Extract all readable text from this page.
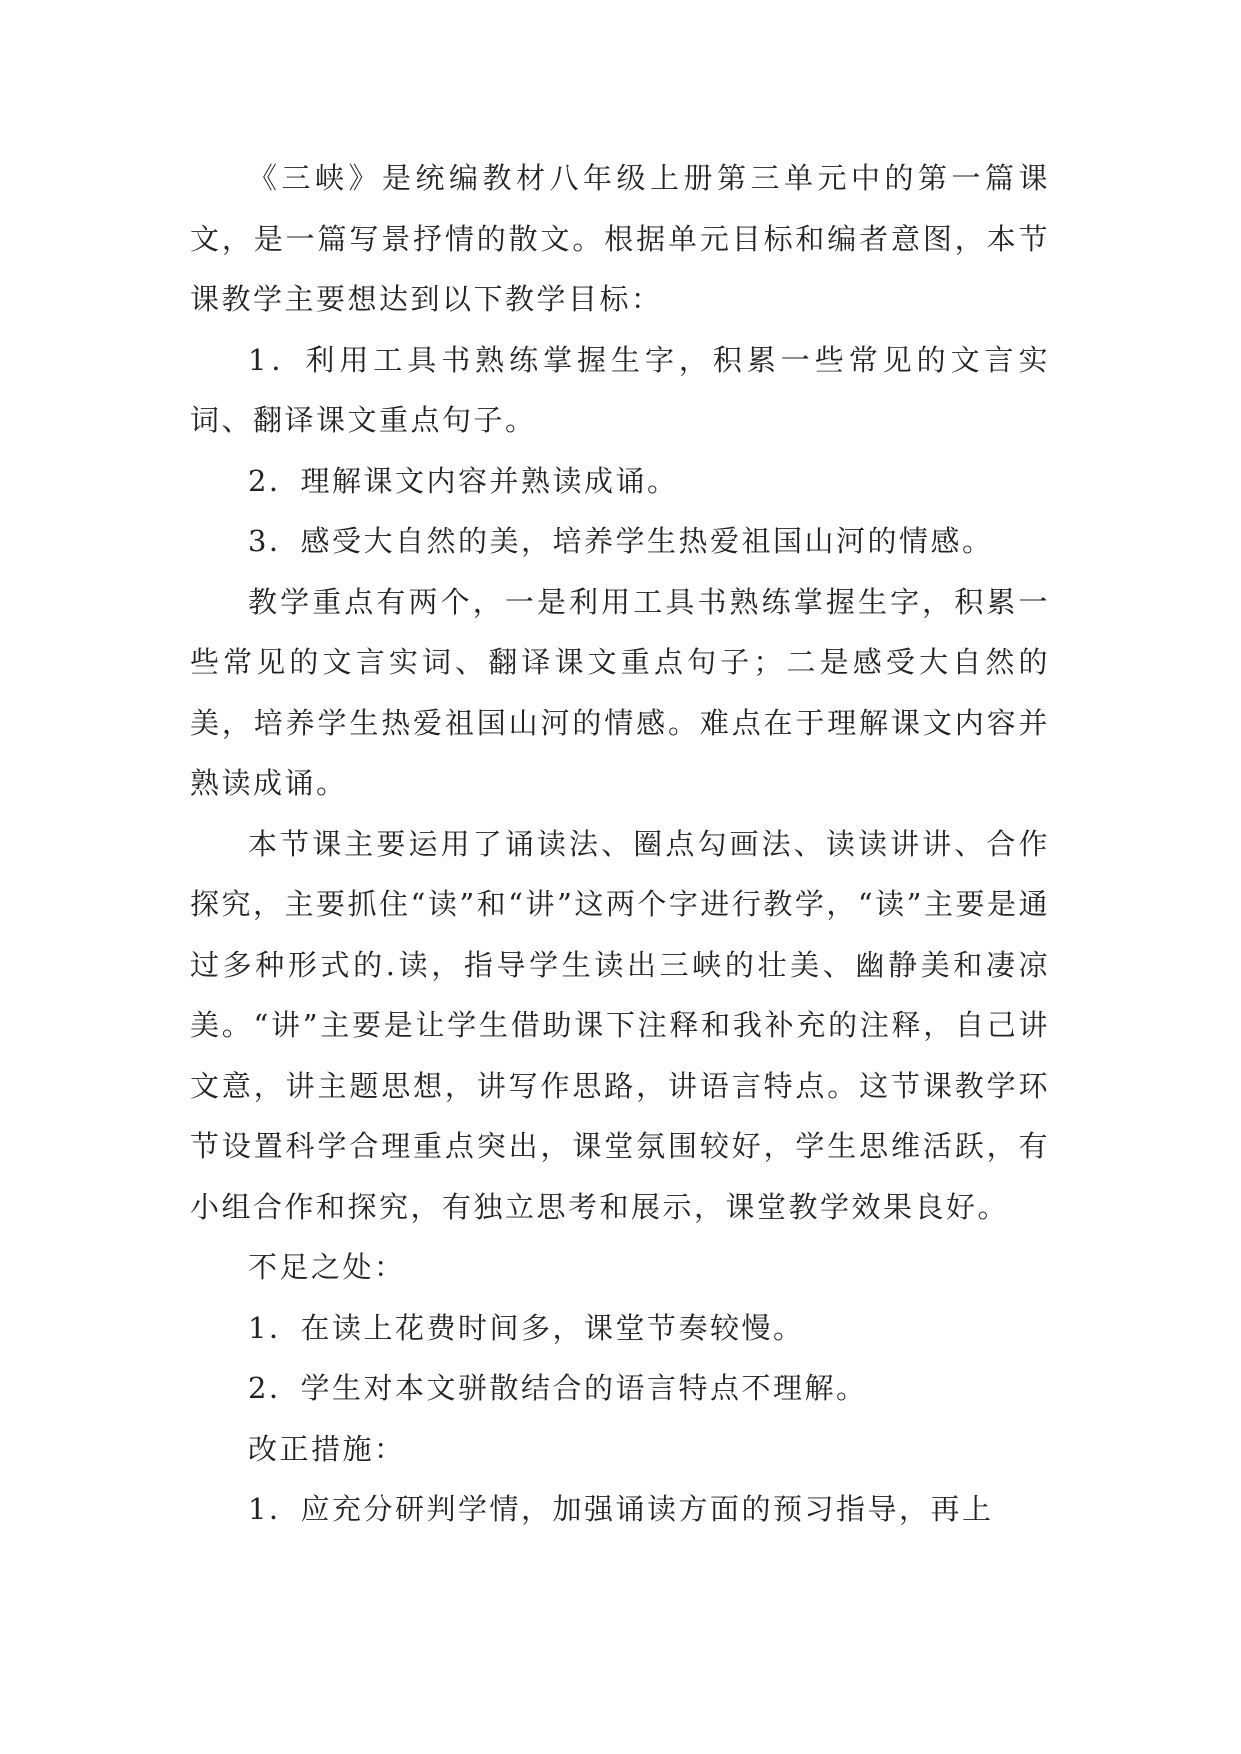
《三峡》是统编教材八年级上册第三单元中的第一篇课文，是一篇写景抒情的散文。根据单元目标和编者意图，本节课教学主要想达到以下教学目标：

1．利用工具书熟练掌握生字，积累一些常见的文言实词、翻译课文重点句子。

2．理解课文内容并熟读成诵。

3．感受大自然的美，培养学生热爱祖国山河的情感。

教学重点有两个，一是利用工具书熟练掌握生字，积累一些常见的文言实词、翻译课文重点句子；二是感受大自然的美，培养学生热爱祖国山河的情感。难点在于理解课文内容并熟读成诵。

本节课主要运用了诵读法、圈点勾画法、读读讲讲、合作探究，主要抓住“读”和“讲”这两个字进行教学，“读”主要是通过多种形式的.读，指导学生读出三峡的壮美、幽静美和凄凉美。“讲”主要是让学生借助课下注释和我补充的注释，自己讲文意，讲主题思想，讲写作思路，讲语言特点。这节课教学环节设置科学合理重点突出，课堂氛围较好，学生思维活跃，有小组合作和探究，有独立思考和展示，课堂教学效果良好。

不足之处：

1．在读上花费时间多，课堂节奏较慢。

2．学生对本文骈散结合的语言特点不理解。

改正措施：

1．应充分研判学情，加强诵读方面的预习指导，再上
